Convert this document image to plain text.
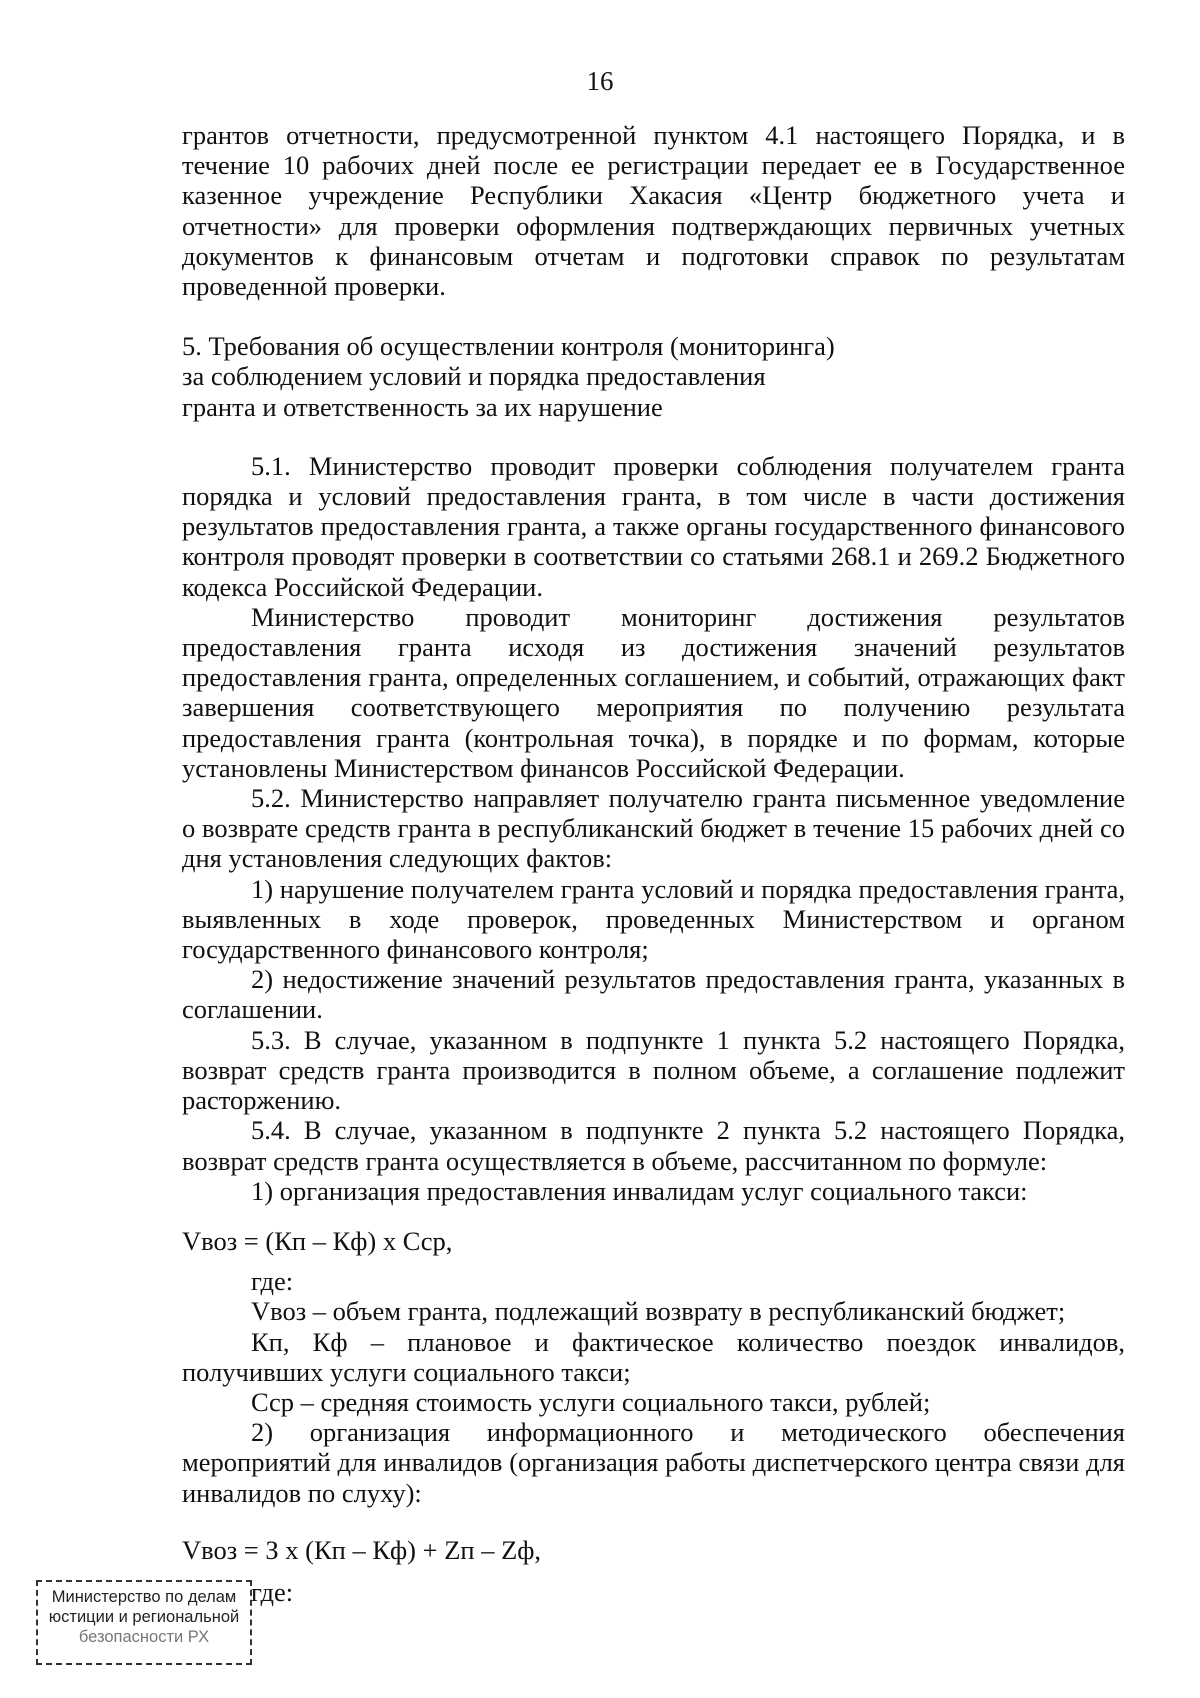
16

грантов отчетности, предусмотренной пунктом 4.1 настоящего Порядка, и в течение 10 рабочих дней после ее регистрации передает ее в Государственное казенное учреждение Республики Хакасия «Центр бюджетного учета и отчетности» для проверки оформления подтверждающих первичных учетных документов к финансовым отчетам и подготовки справок по результатам проведенной проверки.

5. Требования об осуществлении контроля (мониторинга)
за соблюдением условий и порядка предоставления
гранта и ответственность за их нарушение

5.1. Министерство проводит проверки соблюдения получателем гранта порядка и условий предоставления гранта, в том числе в части достижения результатов предоставления гранта, а также органы государственного финансового контроля проводят проверки в соответствии со статьями 268.1 и 269.2 Бюджетного кодекса Российской Федерации.

Министерство проводит мониторинг достижения результатов предоставления гранта исходя из достижения значений результатов предоставления гранта, определенных соглашением, и событий, отражающих факт завершения соответствующего мероприятия по получению результата предоставления гранта (контрольная точка), в порядке и по формам, которые установлены Министерством финансов Российской Федерации.

5.2. Министерство направляет получателю гранта письменное уведомление о возврате средств гранта в республиканский бюджет в течение 15 рабочих дней со дня установления следующих фактов:

1) нарушение получателем гранта условий и порядка предоставления гранта, выявленных в ходе проверок, проведенных Министерством и органом государственного финансового контроля;

2) недостижение значений результатов предоставления гранта, указанных в соглашении.

5.3. В случае, указанном в подпункте 1 пункта 5.2 настоящего Порядка, возврат средств гранта производится в полном объеме, а соглашение подлежит расторжению.

5.4. В случае, указанном в подпункте 2 пункта 5.2 настоящего Порядка, возврат средств гранта осуществляется в объеме, рассчитанном по формуле:

1) организация предоставления инвалидам услуг социального такси:

Vвоз = (Кп – Кф) х Сср,

где:

Vвоз – объем гранта, подлежащий возврату в республиканский бюджет;

Кп, Кф – плановое и фактическое количество поездок инвалидов, получивших услуги социального такси;

Сср – средняя стоимость услуги социального такси, рублей;

2) организация информационного и методического обеспечения мероприятий для инвалидов (организация работы диспетчерского центра связи для инвалидов по слуху):

Vвоз = З х (Кп – Кф) + Zп – Zф,

где:

Министерство по делам
юстиции и региональной
безопасности РХ
